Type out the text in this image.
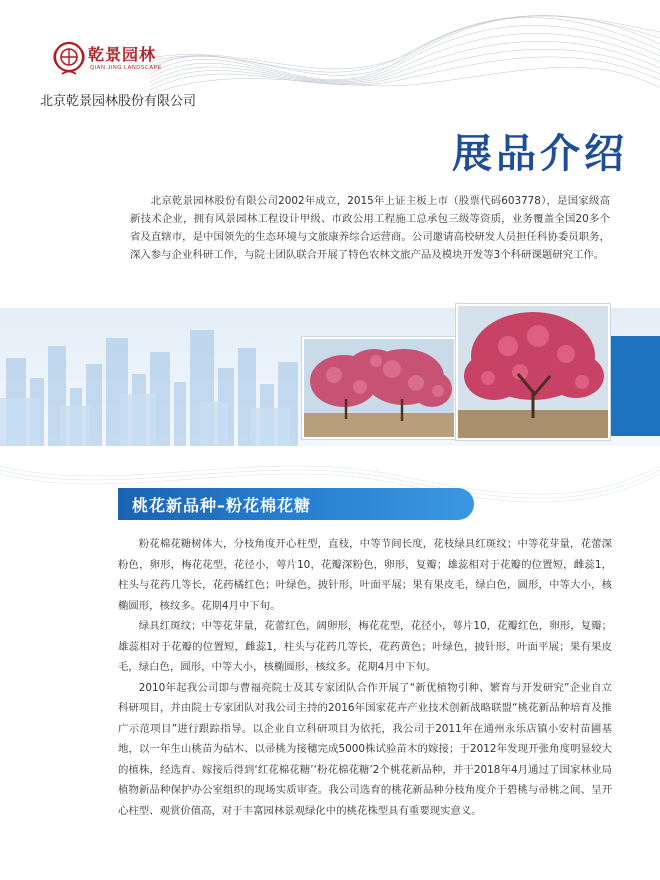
乾景园林
QIAN JING LANDSCAPE
北京乾景园林股份有限公司
展品介绍

北京乾景园林股份有限公司2002年成立，2015年上证主板上市（股票代码603778），是国家级高新技术企业，拥有风景园林工程设计甲级、市政公用工程施工总承包三级等资质，业务覆盖全国20多个省及直辖市，是中国领先的生态环境与文旅康养综合运营商。公司邀请高校研发人员担任科协委员职务，深入参与企业科研工作，与院士团队联合开展了特色农林文旅产品及模块开发等3个科研课题研究工作。

桃花新品种–粉花棉花糖

粉花棉花糖树体大，分枝角度开心柱型，直枝，中等节间长度，花枝绿具红斑纹；中等花芽量，花蕾深粉色，卵形，梅花花型，花径小，萼片10，花瓣深粉色，卵形，复瓣；雄蕊相对于花瓣的位置短，雌蕊1，柱头与花药几等长，花药橘红色；叶绿色，披针形，叶面平展；果有果皮毛，绿白色，圆形，中等大小，核椭圆形，核纹多。花期4月中下旬。

绿具红斑纹；中等花芽量，花蕾红色，阔卵形，梅花花型，花径小，萼片10，花瓣红色，卵形，复瓣；雄蕊相对于花瓣的位置短，雌蕊1，柱头与花药几等长，花药黄色；叶绿色，披针形，叶面平展；果有果皮毛，绿白色，圆形，中等大小，核椭圆形，核纹多。花期4月中下旬。

2010年起我公司即与曹福亮院士及其专家团队合作开展了“新优植物引种、繁育与开发研究”企业自立科研项目，并由院士专家团队对我公司主持的2016年国家花卉产业技术创新战略联盟“桃花新品种培育及推广示范项目”进行跟踪指导。以企业自立科研项目为依托，我公司于2011年在通州永乐店镇小安村苗圃基地，以一年生山桃苗为砧木、以帚桃为接穗完成5000株试验苗木的嫁接；于2012年发现开张角度明显较大的植株，经选育、嫁接后得到‘红花棉花糖’‘粉花棉花糖’2个桃花新品种，并于2018年4月通过了国家林业局植物新品种保护办公室组织的现场实质审查。我公司选育的桃花新品种分枝角度介于碧桃与帚桃之间、呈开心柱型、观赏价值高，对于丰富园林景观绿化中的桃花株型具有重要现实意义。
